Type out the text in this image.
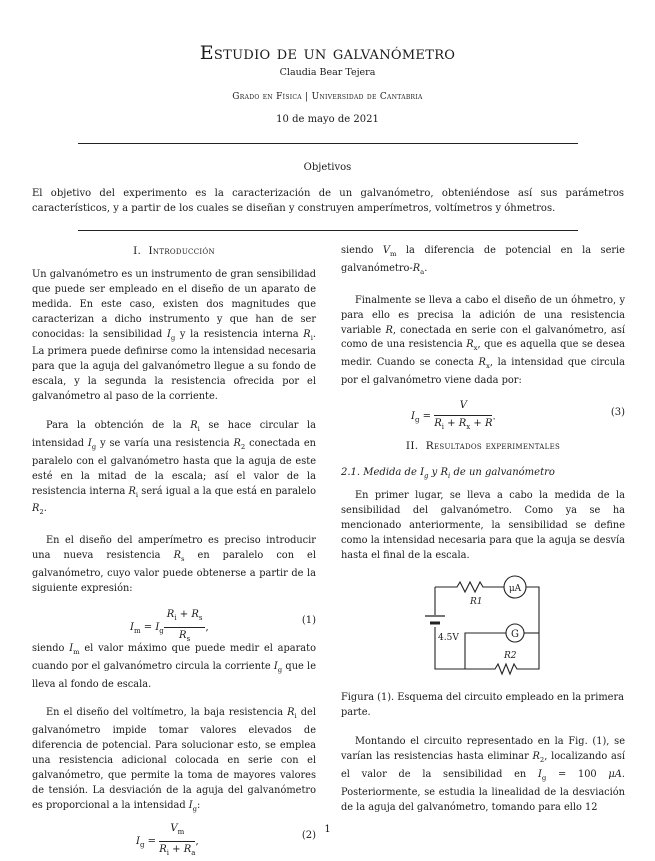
Estudio de un galvanómetro
Claudia Bear Tejera
Grado en Física | Universidad de Cantabria
10 de mayo de 2021
Objetivos
El objetivo del experimento es la caracterización de un galvanómetro, obteniéndose así sus parámetros característicos, y a partir de los cuales se diseñan y construyen amperímetros, voltímetros y óhmetros.
I. Introducción

Un galvanómetro es un instrumento de gran sensibilidad que puede ser empleado en el diseño de un aparato de medida. En este caso, existen dos magnitudes que caracterizan a dicho instrumento y que han de ser conocidas: la sensibilidad $I_g$ y la resistencia interna $R_i$. La primera puede definirse como la intensidad necesaria para que la aguja del galvanómetro llegue a su fondo de escala, y la segunda la resistencia ofrecida por el galvanómetro al paso de la corriente.

Para la obtención de la $R_i$ se hace circular la intensidad $I_g$ y se varía una resistencia $R_2$ conectada en paralelo con el galvanómetro hasta que la aguja de este esté en la mitad de la escala; así el valor de la resistencia interna $R_i$ será igual a la que está en paralelo $R_2$.

En el diseño del amperímetro es preciso introducir una nueva resistencia $R_s$ en paralelo con el galvanómetro, cuyo valor puede obtenerse a partir de la siguiente expresión:

$I_m = I_g \frac{R_i + R_s}{R_s}$ ,
(1)

siendo $I_m$ el valor máximo que puede medir el aparato cuando por el galvanómetro circula la corriente $I_g$ que le lleva al fondo de escala.

En el diseño del voltímetro, la baja resistencia $R_i$ del galvanómetro impide tomar valores elevados de diferencia de potencial. Para solucionar esto, se emplea una resistencia adicional colocada en serie con el galvanómetro, que permite la toma de mayores valores de tensión. La desviación de la aguja del galvanómetro es proporcional a la intensidad $I_g$:

$I_g = \frac{V_m}{R_i + R_a}$ ,
(2)

siendo $V_m$ la diferencia de potencial en la serie galvanómetro-$R_a$.

Finalmente se lleva a cabo el diseño de un óhmetro, y para ello es precisa la adición de una resistencia variable R, conectada en serie con el galvanómetro, así como de una resistencia $R_x$, que es aquella que se desea medir. Cuando se conecta $R_x$, la intensidad que circula por el galvanómetro viene dada por:

$I_g = \frac{V}{R_i + R_x + R}$ .	(3)
II. Resultados experimentales
2.1. Medida de $I_g$ y $R_i$ de un galvanómetro

En primer lugar, se lleva a cabo la medida de la sensibilidad del galvanómetro. Como ya se ha mencionado anteriormente, la sensibilidad se define como la intensidad necesaria para que la aguja se desvía hasta el final de la escala.

μA
G
R1
R2
4.5V

Figura (1). Esquema del circuito empleado en la primera parte.

Montando el circuito representado en la Fig. (1), se varían las resistencias hasta eliminar $R_2$, localizando así el valor de la sensibilidad en $I_g = 100$ μA. Posteriormente, se estudia la linealidad de la desviación de la aguja del galvanómetro, tomando para ello 12

1
